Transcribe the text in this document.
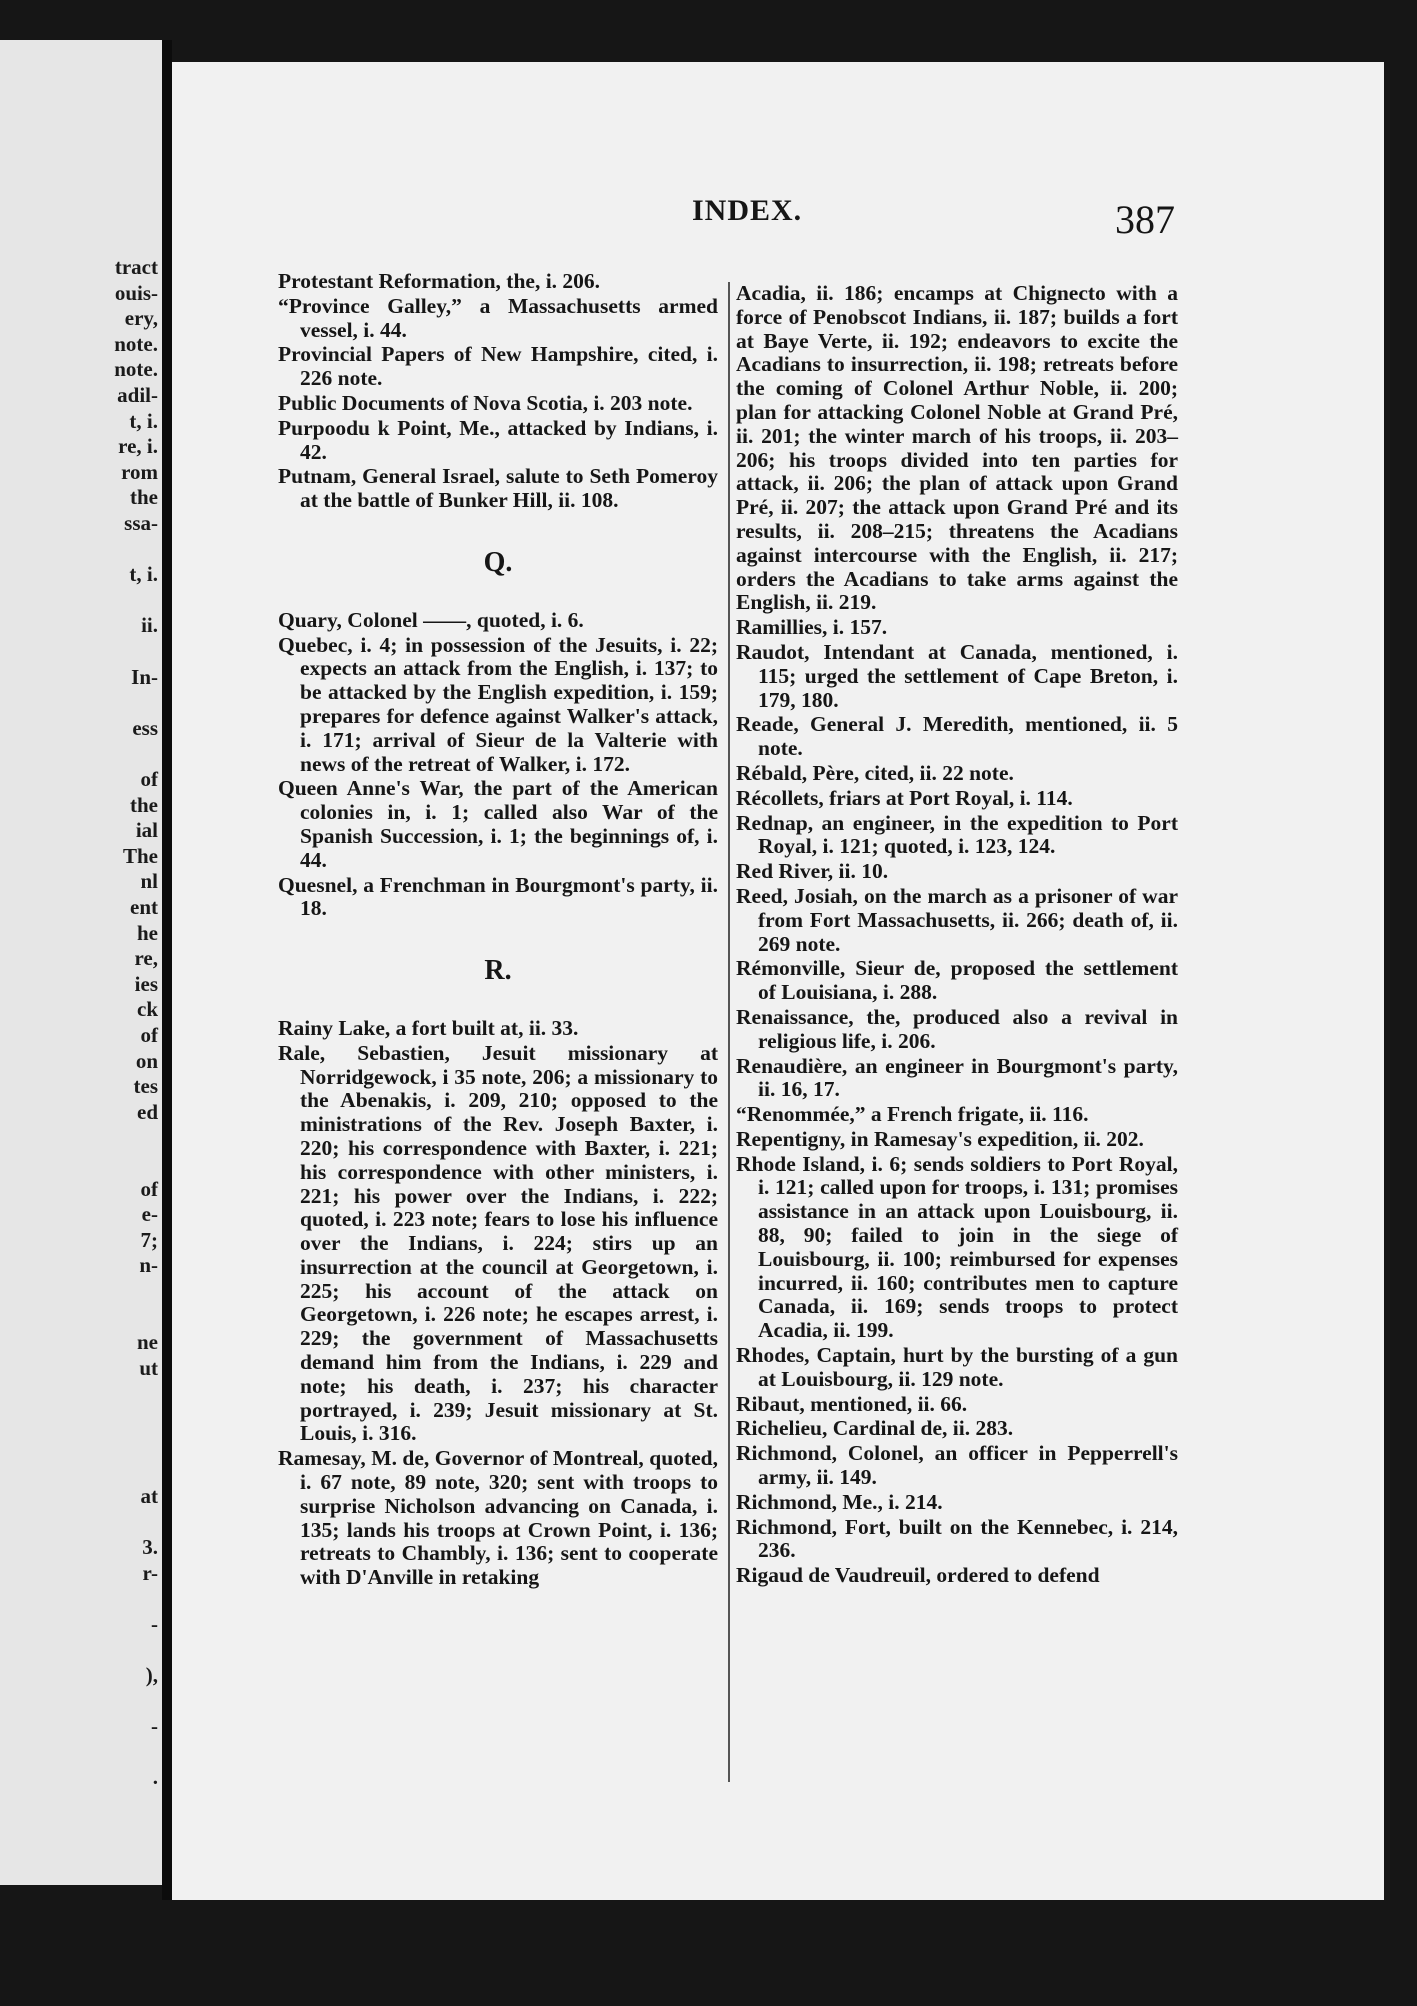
tract
ouis-
ery,
note.
note.
adil-
t, i.
re, i.
rom
the
ssa-
t, i.
ii.
In-
ess
of
the
ial
The
nl
ent
he
re,
ies
ck
of
on
tes
ed
of
e-
7;
n-
ne
ut
at
3.
r-
-
),
-
.
INDEX.	387
Protestant Reformation, the, i. 206.
“Province Galley,” a Massachusetts armed vessel, i. 44.
Provincial Papers of New Hampshire, cited, i. 226 note.
Public Documents of Nova Scotia, i. 203 note.
Purpoodu k Point, Me., attacked by Indians, i. 42.
Putnam, General Israel, salute to Seth Pomeroy at the battle of Bunker Hill, ii. 108.
Q.
Quary, Colonel ——, quoted, i. 6.
Quebec, i. 4; in possession of the Jesuits, i. 22; expects an attack from the English, i. 137; to be attacked by the English expedition, i. 159; prepares for defence against Walker's attack, i. 171; arrival of Sieur de la Valterie with news of the retreat of Walker, i. 172.
Queen Anne's War, the part of the American colonies in, i. 1; called also War of the Spanish Succession, i. 1; the beginnings of, i. 44.
Quesnel, a Frenchman in Bourgmont's party, ii. 18.
R.
Rainy Lake, a fort built at, ii. 33.
Rale, Sebastien, Jesuit missionary at Norridgewock, i 35 note, 206; a missionary to the Abenakis, i. 209, 210; opposed to the ministrations of the Rev. Joseph Baxter, i. 220; his correspondence with Baxter, i. 221; his correspondence with other ministers, i. 221; his power over the Indians, i. 222; quoted, i. 223 note; fears to lose his influence over the Indians, i. 224; stirs up an insurrection at the council at Georgetown, i. 225; his account of the attack on Georgetown, i. 226 note; he escapes arrest, i. 229; the government of Massachusetts demand him from the Indians, i. 229 and note; his death, i. 237; his character portrayed, i. 239; Jesuit missionary at St. Louis, i. 316.
Ramesay, M. de, Governor of Montreal, quoted, i. 67 note, 89 note, 320; sent with troops to surprise Nicholson advancing on Canada, i. 135; lands his troops at Crown Point, i. 136; retreats to Chambly, i. 136; sent to cooperate with D'Anville in retaking
Acadia, ii. 186; encamps at Chignecto with a force of Penobscot Indians, ii. 187; builds a fort at Baye Verte, ii. 192; endeavors to excite the Acadians to insurrection, ii. 198; retreats before the coming of Colonel Arthur Noble, ii. 200; plan for attacking Colonel Noble at Grand Pré, ii. 201; the winter march of his troops, ii. 203–206; his troops divided into ten parties for attack, ii. 206; the plan of attack upon Grand Pré, ii. 207; the attack upon Grand Pré and its results, ii. 208–215; threatens the Acadians against intercourse with the English, ii. 217; orders the Acadians to take arms against the English, ii. 219.
Ramillies, i. 157.
Raudot, Intendant at Canada, mentioned, i. 115; urged the settlement of Cape Breton, i. 179, 180.
Reade, General J. Meredith, mentioned, ii. 5 note.
Rébald, Père, cited, ii. 22 note.
Récollets, friars at Port Royal, i. 114.
Rednap, an engineer, in the expedition to Port Royal, i. 121; quoted, i. 123, 124.
Red River, ii. 10.
Reed, Josiah, on the march as a prisoner of war from Fort Massachusetts, ii. 266; death of, ii. 269 note.
Rémonville, Sieur de, proposed the settlement of Louisiana, i. 288.
Renaissance, the, produced also a revival in religious life, i. 206.
Renaudière, an engineer in Bourgmont's party, ii. 16, 17.
“Renommée,” a French frigate, ii. 116.
Repentigny, in Ramesay's expedition, ii. 202.
Rhode Island, i. 6; sends soldiers to Port Royal, i. 121; called upon for troops, i. 131; promises assistance in an attack upon Louisbourg, ii. 88, 90; failed to join in the siege of Louisbourg, ii. 100; reimbursed for expenses incurred, ii. 160; contributes men to capture Canada, ii. 169; sends troops to protect Acadia, ii. 199.
Rhodes, Captain, hurt by the bursting of a gun at Louisbourg, ii. 129 note.
Ribaut, mentioned, ii. 66.
Richelieu, Cardinal de, ii. 283.
Richmond, Colonel, an officer in Pepperrell's army, ii. 149.
Richmond, Me., i. 214.
Richmond, Fort, built on the Kennebec, i. 214, 236.
Rigaud de Vaudreuil, ordered to defend
